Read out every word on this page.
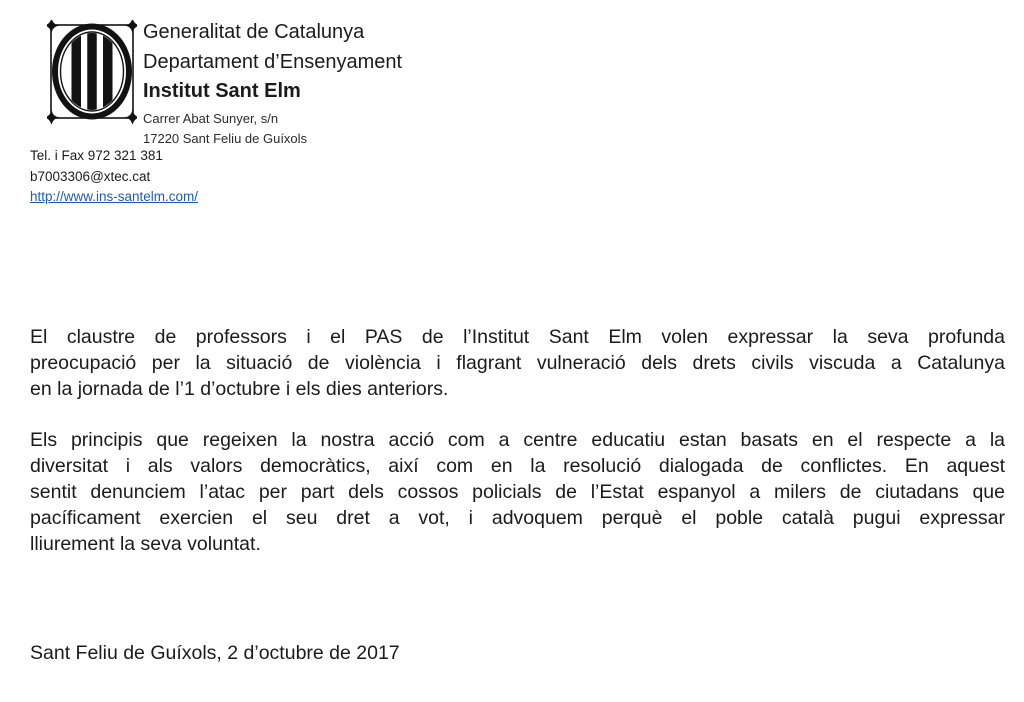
Generalitat de Catalunya
Departament d’Ensenyament
Institut Sant Elm
Carrer Abat Sunyer, s/n
17220 Sant Feliu de Guíxols
Tel. i Fax 972 321 381
b7003306@xtec.cat
http://www.ins-santelm.com/
El claustre de professors i el PAS de l’Institut Sant Elm volen expressar la seva profunda
preocupació per la situació de violència i flagrant vulneració dels drets civils viscuda a Catalunya
en la jornada de l’1 d’octubre i els dies anteriors.
Els principis que regeixen la nostra acció com a centre educatiu estan basats en el respecte a la
diversitat i als valors democràtics, així com en la resolució dialogada de conflictes. En aquest
sentit denunciem l’atac per part dels cossos policials de l’Estat espanyol a milers de ciutadans que
pacíficament exercien el seu dret a vot, i advoquem perquè el poble català pugui expressar
lliurement la seva voluntat.
Sant Feliu de Guíxols, 2 d’octubre de 2017
